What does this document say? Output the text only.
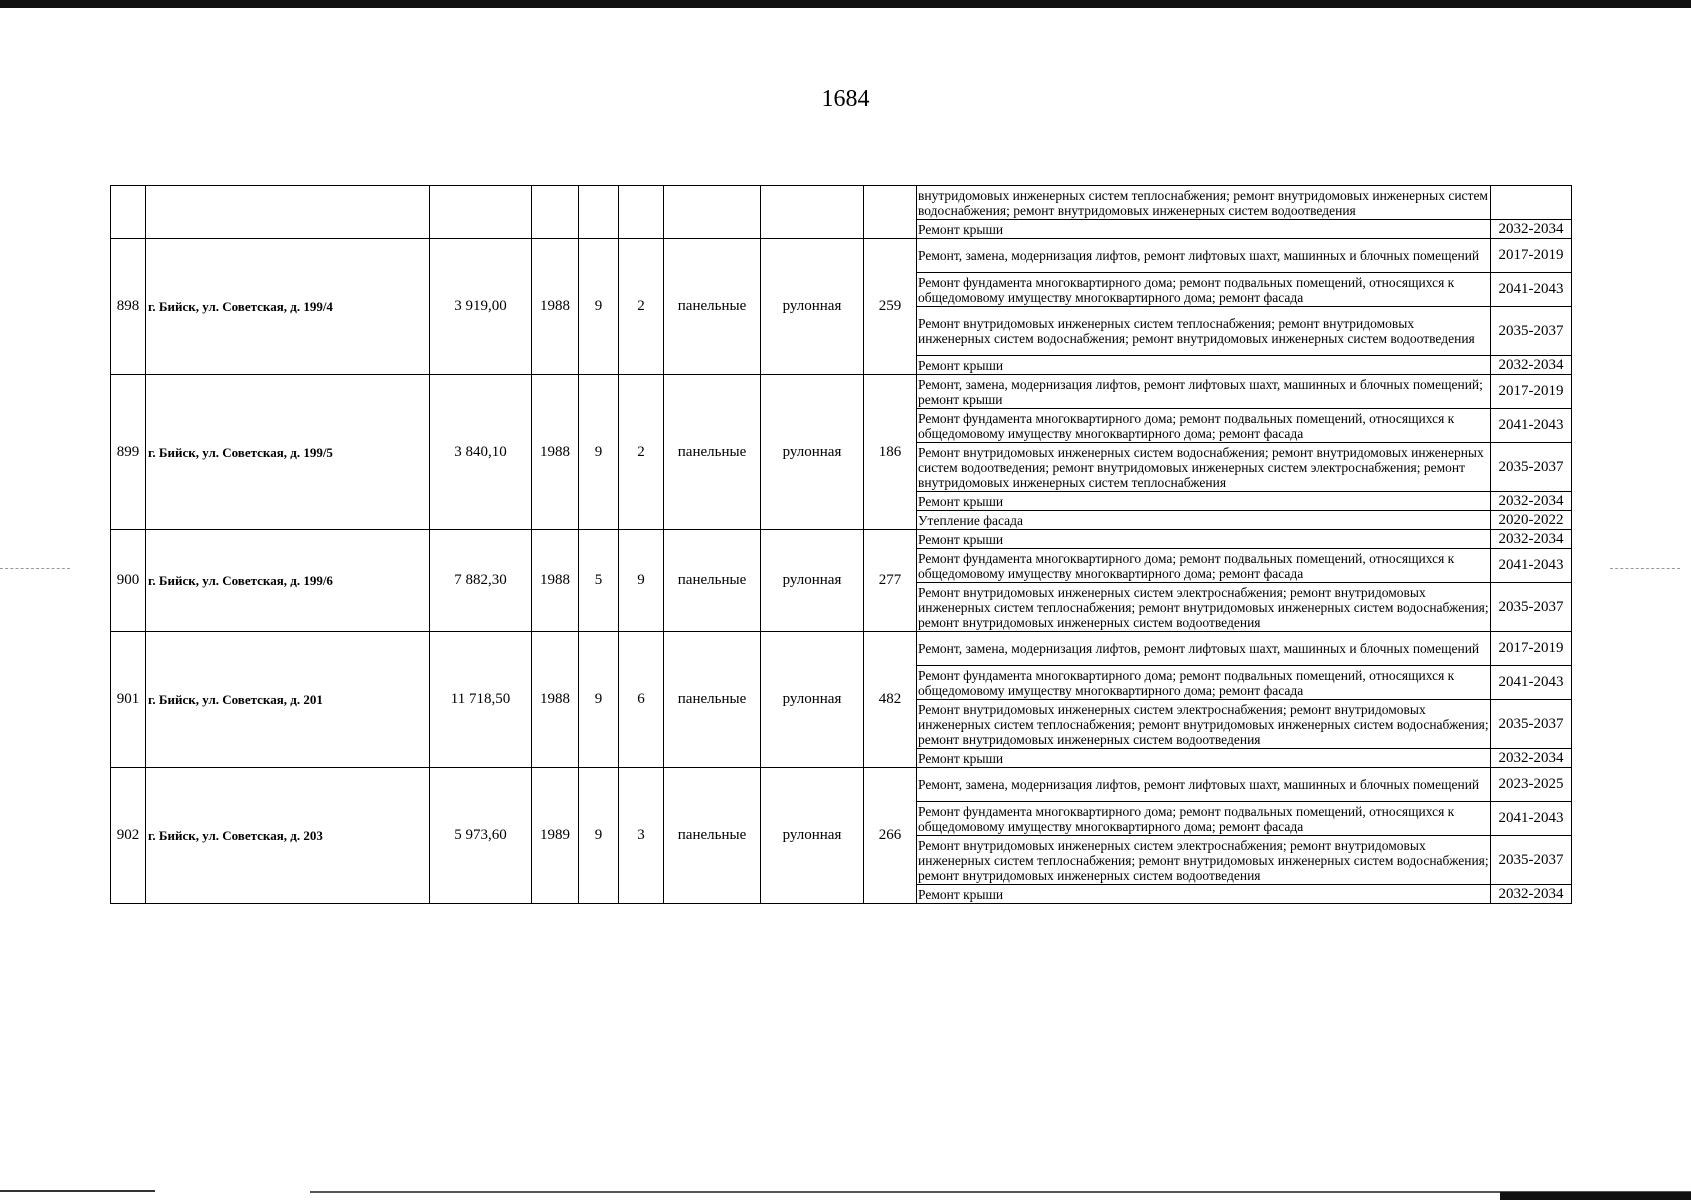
1684
									внутридомовых инженерных систем теплоснабжения; ремонт внутридомовых инженерных систем водоснабжения; ремонт внутридомовых инженерных систем водоотведения	
									Ремонт крыши	2032-2034
898	г. Бийск, ул. Советская, д. 199/4	3 919,00	1988	9	2	панельные	рулонная	259	Ремонт, замена, модернизация лифтов, ремонт лифтовых шахт, машинных и блочных помещений	2017-2019
									Ремонт фундамента многоквартирного дома; ремонт подвальных помещений, относящихся к общедомовому имуществу многоквартирного дома; ремонт фасада	2041-2043
									Ремонт внутридомовых инженерных систем теплоснабжения; ремонт внутридомовых инженерных систем водоснабжения; ремонт внутридомовых инженерных систем водоотведения	2035-2037
									Ремонт крыши	2032-2034
899	г. Бийск, ул. Советская, д. 199/5	3 840,10	1988	9	2	панельные	рулонная	186	Ремонт, замена, модернизация лифтов, ремонт лифтовых шахт, машинных и блочных помещений; ремонт крыши	2017-2019
									Ремонт фундамента многоквартирного дома; ремонт подвальных помещений, относящихся к общедомовому имуществу многоквартирного дома; ремонт фасада	2041-2043
									Ремонт внутридомовых инженерных систем водоснабжения; ремонт внутридомовых инженерных систем водоотведения; ремонт внутридомовых инженерных систем электроснабжения; ремонт внутридомовых инженерных систем теплоснабжения	2035-2037
									Ремонт крыши	2032-2034
									Утепление фасада	2020-2022
900	г. Бийск, ул. Советская, д. 199/6	7 882,30	1988	5	9	панельные	рулонная	277	Ремонт крыши	2032-2034
									Ремонт фундамента многоквартирного дома; ремонт подвальных помещений, относящихся к общедомовому имуществу многоквартирного дома; ремонт фасада	2041-2043
									Ремонт внутридомовых инженерных систем электроснабжения; ремонт внутридомовых инженерных систем теплоснабжения; ремонт внутридомовых инженерных систем водоснабжения; ремонт внутридомовых инженерных систем водоотведения	2035-2037
901	г. Бийск, ул. Советская, д. 201	11 718,50	1988	9	6	панельные	рулонная	482	Ремонт, замена, модернизация лифтов, ремонт лифтовых шахт, машинных и блочных помещений	2017-2019
									Ремонт фундамента многоквартирного дома; ремонт подвальных помещений, относящихся к общедомовому имуществу многоквартирного дома; ремонт фасада	2041-2043
									Ремонт внутридомовых инженерных систем электроснабжения; ремонт внутридомовых инженерных систем теплоснабжения; ремонт внутридомовых инженерных систем водоснабжения; ремонт внутридомовых инженерных систем водоотведения	2035-2037
									Ремонт крыши	2032-2034
902	г. Бийск, ул. Советская, д. 203	5 973,60	1989	9	3	панельные	рулонная	266	Ремонт, замена, модернизация лифтов, ремонт лифтовых шахт, машинных и блочных помещений	2023-2025
									Ремонт фундамента многоквартирного дома; ремонт подвальных помещений, относящихся к общедомовому имуществу многоквартирного дома; ремонт фасада	2041-2043
									Ремонт внутридомовых инженерных систем электроснабжения; ремонт внутридомовых инженерных систем теплоснабжения; ремонт внутридомовых инженерных систем водоснабжения; ремонт внутридомовых инженерных систем водоотведения	2035-2037
									Ремонт крыши	2032-2034
